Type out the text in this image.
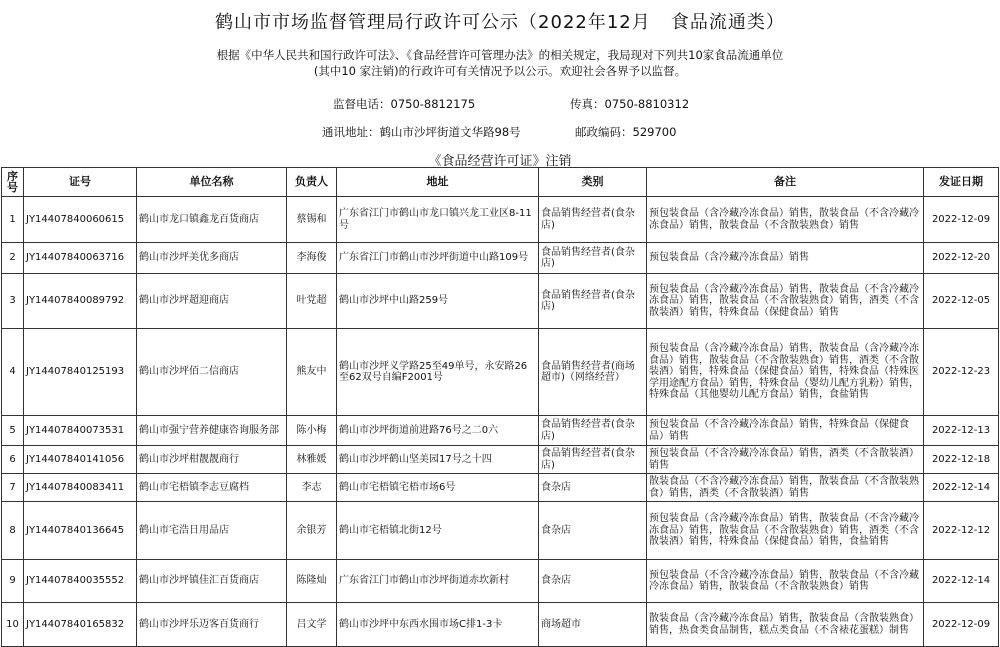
鹤山市市场监督管理局行政许可公示（2022年12月   食品流通类）
根据《中华人民共和国行政许可法》、《食品经营许可管理办法》的相关规定，我局现对下列共10家食品流通单位
(其中10 家注销)的行政许可有关情况予以公示。欢迎社会各界予以监督。
监督电话：0750-8812175	传真：0750-8810312
通讯地址：鹤山市沙坪街道文华路98号	邮政编码：529700
《食品经营许可证》注销
序号	证号	单位名称	负责人	地址	类别	备注	发证日期
1	JY14407840060615	鹤山市龙口镇鑫龙百货商店	蔡锡和	广东省江门市鹤山市龙口镇兴龙工业区8-11号	食品销售经营者(食杂店)	预包装食品（含冷藏冷冻食品）销售，散装食品（不含冷藏冷冻食品）销售，散装食品（不含散装熟食）销售	2022-12-09
2	JY14407840063716	鹤山市沙坪美优多商店	李海俊	广东省江门市鹤山市沙坪街道中山路109号	食品销售经营者(食杂店)	预包装食品（含冷藏冷冻食品）销售	2022-12-20
3	JY14407840089792	鹤山市沙坪超迎商店	叶党超	鹤山市沙坪中山路259号	食品销售经营者(食杂店)	预包装食品（含冷藏冷冻食品）销售，散装食品（不含冷藏冷冻食品）销售，散装食品（不含散装熟食）销售，酒类（不含散装酒）销售，特殊食品（保健食品）销售	2022-12-05
4	JY14407840125193	鹤山市沙坪佰二信商店	熊友中	鹤山市沙坪义学路25至49单号，永安路26至62双号自编F2001号	食品销售经营者(商场超市)（网络经营）	预包装食品（含冷藏冷冻食品）销售，散装食品（含冷藏冷冻食品）销售，散装食品（不含散装熟食）销售，酒类（不含散装酒）销售，特殊食品（保健食品）销售，特殊食品（特殊医学用途配方食品）销售，特殊食品（婴幼儿配方乳粉）销售，特殊食品（其他婴幼儿配方食品）销售，食盐销售	2022-12-23
5	JY14407840073531	鹤山市强宁营养健康咨询服务部	陈小梅	鹤山市沙坪街道前进路76号之二0六	食品销售经营者(食杂店)	预包装食品（不含冷藏冷冻食品）销售，特殊食品（保健食品）销售	2022-12-13
6	JY14407840141056	鹤山市沙坪柑靓靓商行	林雅媛	鹤山市沙坪鹤山坚美园17号之十四	食品销售经营者(食杂店)	预包装食品（不含冷藏冷冻食品）销售，酒类（不含散装酒）销售	2022-12-18
7	JY14407840083411	鹤山市宅梧镇李志豆腐档	李志	鹤山市宅梧镇宅梧市场6号	食杂店	散装食品（不含冷藏冷冻食品）销售，散装食品（不含散装熟食）销售，酒类（不含散装酒）销售	2022-12-14
8	JY14407840136645	鹤山市宅浩日用品店	余银芳	鹤山市宅梧镇北街12号	食杂店	预包装食品（含冷藏冷冻食品）销售，散装食品（不含冷藏冷冻食品）销售，散装食品（不含散装熟食）销售，酒类（不含散装酒）销售，特殊食品（保健食品）销售，食盐销售	2022-12-12
9	JY14407840035552	鹤山市沙坪镇佳汇百货商店	陈隆灿	广东省江门市鹤山市沙坪街道赤坎新村	食杂店	预包装食品（不含冷藏冷冻食品）销售，散装食品（不含冷藏冷冻食品）销售，散装食品（不含散装熟食）销售	2022-12-14
10	JY14407840165832	鹤山市沙坪乐迈客百货商行	吕文学	鹤山市沙坪中东西水围市场C排1-3卡	商场超市	散装食品（含冷藏冷冻食品）销售，散装食品（含散装熟食）销售，热食类食品制售，糕点类食品（不含裱花蛋糕）制售	2022-12-09
